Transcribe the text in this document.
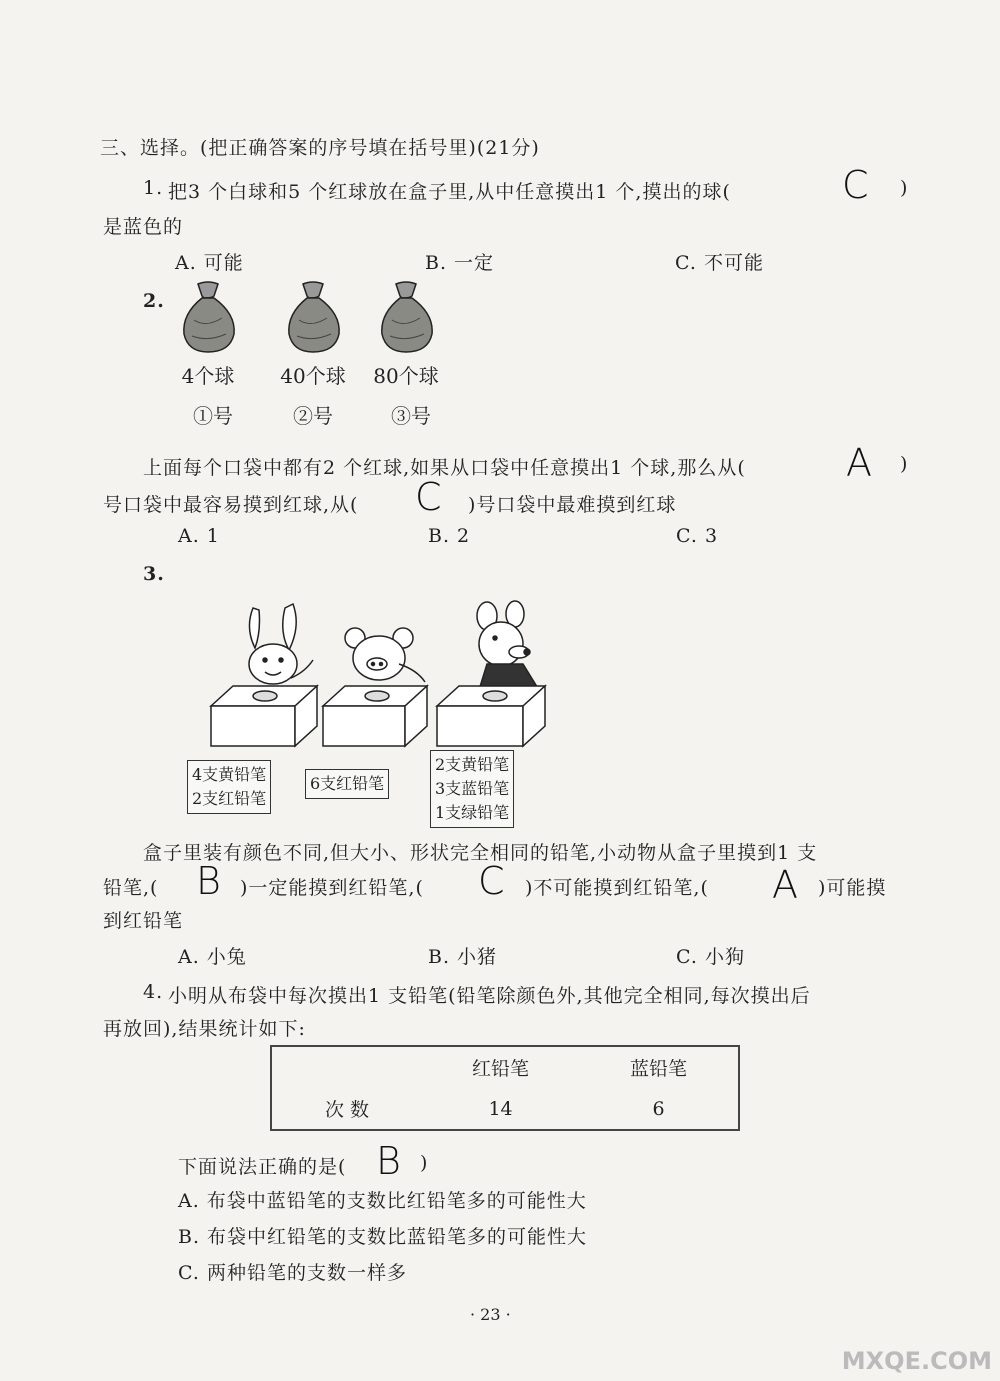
三、选择。(把正确答案的序号填在括号里)(21分)
1. 把3 个白球和5 个红球放在盒子里,从中任意摸出1 个,摸出的球(	C )
是蓝色的
A. 可能	B. 一定	C. 不可能
2.
4个球	40个球	80个球
①号	②号	③号
上面每个口袋中都有2 个红球,如果从口袋中任意摸出1 个球,那么从(	A )
号口袋中最容易摸到红球,从( C )号口袋中最难摸到红球
A. 1	B. 2	C. 3
3.
4支黄铅笔
2支红铅笔
6支红铅笔
2支黄铅笔
3支蓝铅笔
1支绿铅笔
盒子里装有颜色不同,但大小、形状完全相同的铅笔,小动物从盒子里摸到1 支
铅笔,( B )一定能摸到红铅笔,( C )不可能摸到红铅笔,( A )可能摸
到红铅笔
A. 小兔	B. 小猪	C. 小狗
4. 小明从布袋中每次摸出1 支铅笔(铅笔除颜色外,其他完全相同,每次摸出后
再放回),结果统计如下:
	红铅笔	蓝铅笔
次 数	14	6
下面说法正确的是( B )
A. 布袋中蓝铅笔的支数比红铅笔多的可能性大
B. 布袋中红铅笔的支数比蓝铅笔多的可能性大
C. 两种铅笔的支数一样多
· 23 ·
MXQE.COM
